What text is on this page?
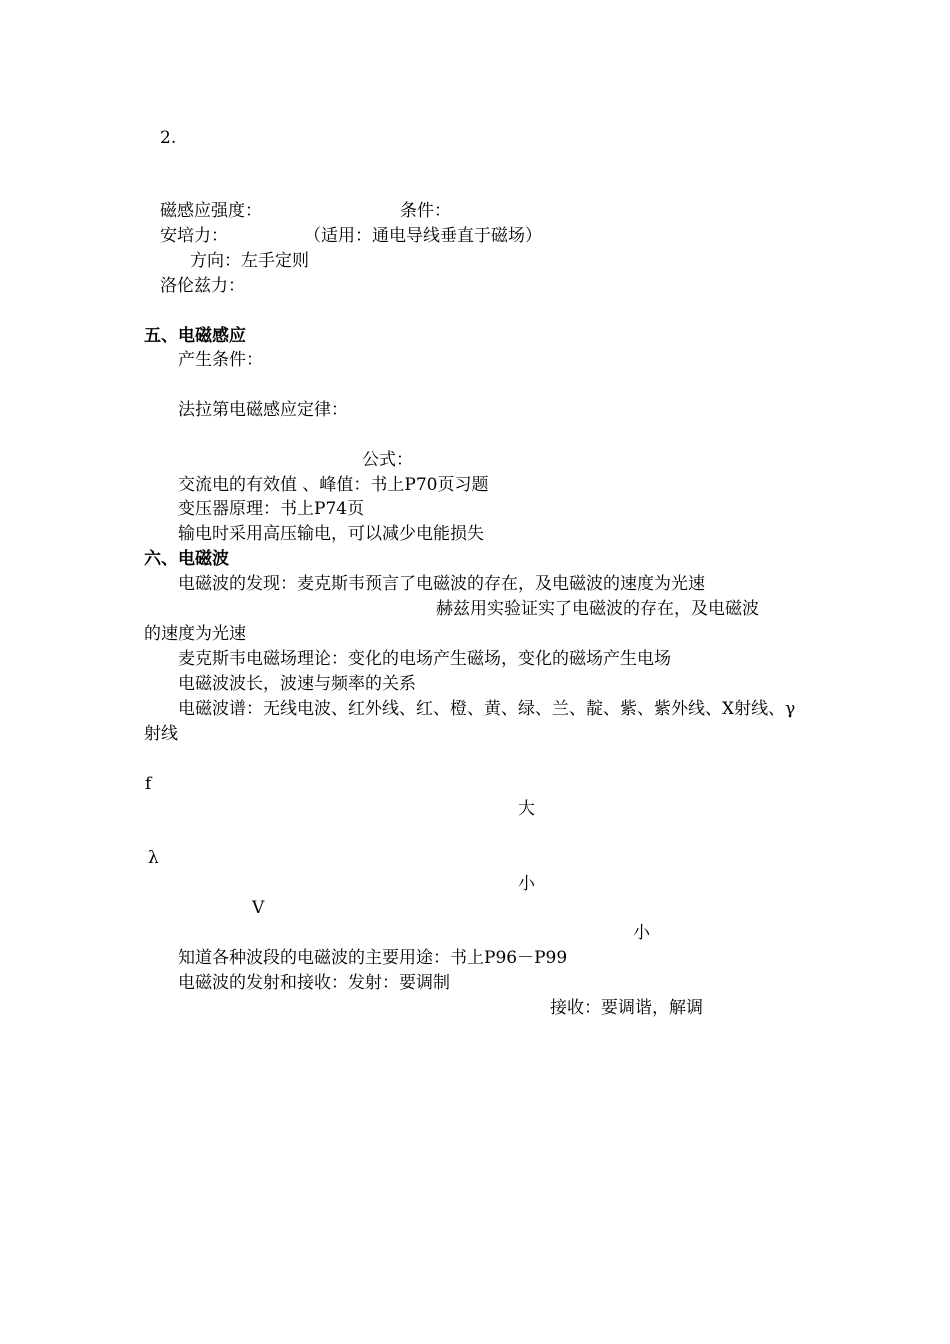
2.
磁感应强度：	条件：
安培力：	（适用：通电导线垂直于磁场）
方向：左手定则
洛伦兹力：
五、电磁感应
产生条件：
法拉第电磁感应定律：
公式：
交流电的有效值 、峰值：书上P70页习题
变压器原理：书上P74页
输电时采用高压输电，可以减少电能损失
六、电磁波
电磁波的发现：麦克斯韦预言了电磁波的存在，及电磁波的速度为光速
赫兹用实验证实了电磁波的存在，及电磁波
的速度为光速
麦克斯韦电磁场理论：变化的电场产生磁场，变化的磁场产生电场
电磁波波长，波速与频率的关系
电磁波谱：无线电波、红外线、红、橙、黄、绿、兰、靛、紫、紫外线、X射线、γ
射线
f
大
λ
小
V
小
知道各种波段的电磁波的主要用途：书上P96－P99
电磁波的发射和接收：发射：要调制
接收：要调谐，解调
